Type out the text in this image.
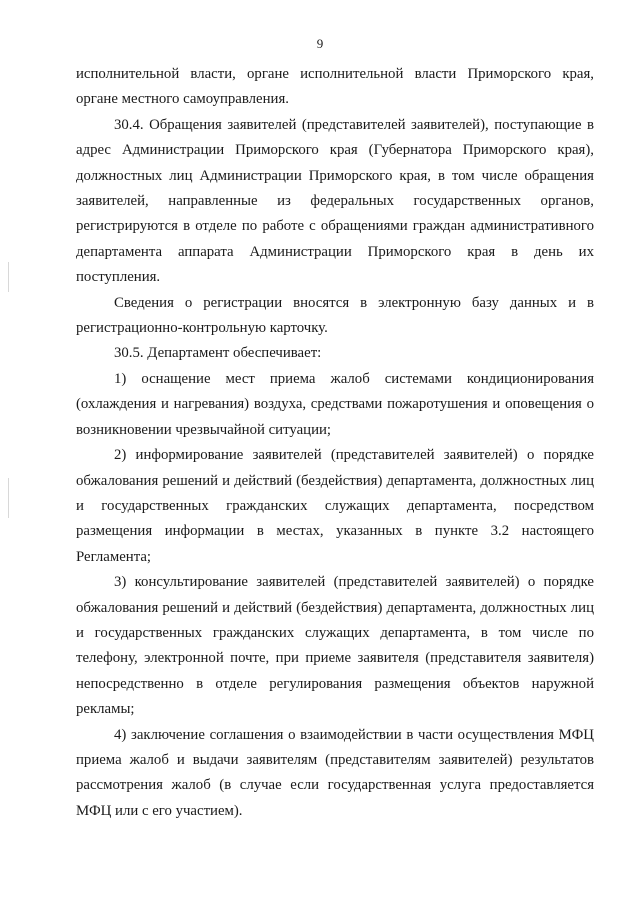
9

исполнительной власти, органе исполнительной власти Приморского края, органе местного самоуправления.

30.4. Обращения заявителей (представителей заявителей), поступающие в адрес Администрации Приморского края (Губернатора Приморского края), должностных лиц Администрации Приморского края, в том числе обращения заявителей, направленные из федеральных государственных органов, регистрируются в отделе по работе с обращениями граждан административного департамента аппарата Администрации Приморского края в день их поступления.

Сведения о регистрации вносятся в электронную базу данных и в регистрационно-контрольную карточку.

30.5. Департамент обеспечивает:

1) оснащение мест приема жалоб системами кондиционирования (охлаждения и нагревания) воздуха, средствами пожаротушения и оповещения о возникновении чрезвычайной ситуации;

2) информирование заявителей (представителей заявителей) о порядке обжалования решений и действий (бездействия) департамента, должностных лиц и государственных гражданских служащих департамента, посредством размещения информации в местах, указанных в пункте 3.2 настоящего Регламента;

3) консультирование заявителей (представителей заявителей) о порядке обжалования решений и действий (бездействия) департамента, должностных лиц и государственных гражданских служащих департамента, в том числе по телефону, электронной почте, при приеме заявителя (представителя заявителя) непосредственно в отделе регулирования размещения объектов наружной рекламы;

4) заключение соглашения о взаимодействии в части осуществления МФЦ приема жалоб и выдачи заявителям (представителям заявителей) результатов рассмотрения жалоб (в случае если государственная услуга предоставляется МФЦ или с его участием).
